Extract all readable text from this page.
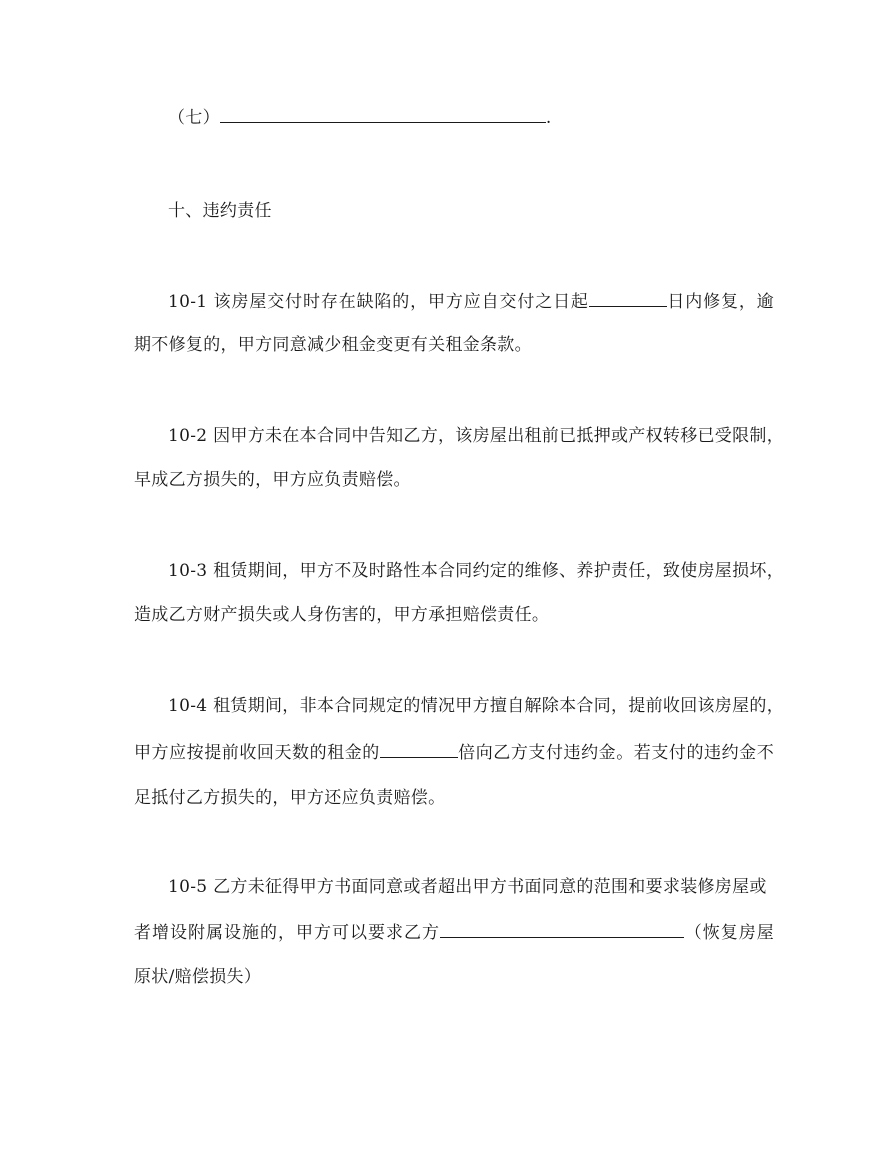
（七）	.
十、违约责任
10-1 该房屋交付时存在缺陷的，甲方应自交付之日起	日内修复，逾
期不修复的，甲方同意减少租金变更有关租金条款。
10-2 因甲方未在本合同中告知乙方，该房屋出租前已抵押或产权转移已受限制，
早成乙方损失的，甲方应负责赔偿。
10-3 租赁期间，甲方不及时路性本合同约定的维修、养护责任，致使房屋损坏，
造成乙方财产损失或人身伤害的，甲方承担赔偿责任。
10-4 租赁期间，非本合同规定的情况甲方擅自解除本合同，提前收回该房屋的，
甲方应按提前收回天数的租金的	倍向乙方支付违约金。若支付的违约金不
足抵付乙方损失的，甲方还应负责赔偿。
10-5 乙方未征得甲方书面同意或者超出甲方书面同意的范围和要求装修房屋或
者增设附属设施的，甲方可以要求乙方	（恢复房屋
原状/赔偿损失）
